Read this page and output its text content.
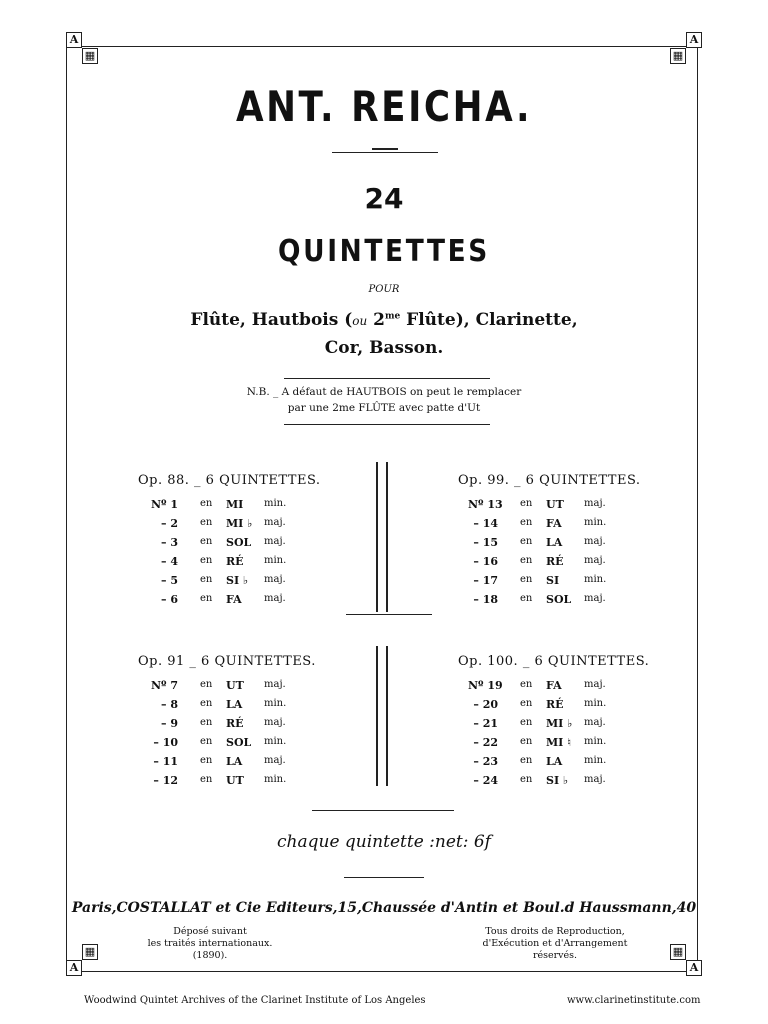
A
▦
A
▦
A
▦
A
▦
ANT. REICHA.
24
QUINTETTES
POUR
Flûte, Hautbois (ou $2^{me}$ Flûte), Clarinette,
Cor, Basson.
N.B. _ A défaut de HAUTBOIS on peut le remplacer
par une 2me FLÛTE avec patte d'Ut
Op. 88. _ 6 QUINTETTES.
Nº 1 en MI min.
– 2 en MI ♭ maj.
– 3 en SOL maj.
– 4 en RÉ min.
– 5 en SI ♭ maj.
– 6 en FA maj.
Op. 99. _ 6 QUINTETTES.
Nº 13 en UT maj.
– 14 en FA min.
– 15 en LA maj.
– 16 en RÉ maj.
– 17 en SI min.
– 18 en SOL maj.
Op. 91 _ 6 QUINTETTES.
Nº 7 en UT maj.
– 8 en LA min.
– 9 en RÉ maj.
– 10 en SOL min.
– 11 en LA maj.
– 12 en UT min.
Op. 100. _ 6 QUINTETTES.
Nº 19 en FA maj.
– 20 en RÉ min.
– 21 en MI ♭ maj.
– 22 en MI ♮ min.
– 23 en LA min.
– 24 en SI ♭ maj.
chaque quintette :net: 6f
Paris,COSTALLAT et Cie Editeurs,15,Chaussée d'Antin et Boul.d Haussmann,40
Déposé suivant
les traités internationaux. (1890).
Tous droits de Reproduction,
d'Exécution et d'Arrangement réservés.
Woodwind Quintet Archives of the Clarinet Institute of Los Angeles	www.clarinetinstitute.com
